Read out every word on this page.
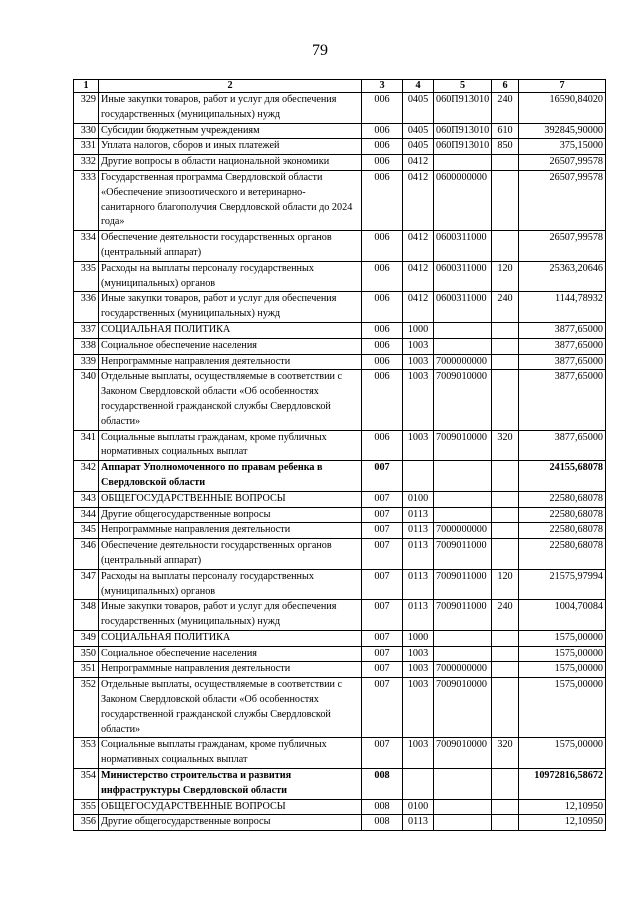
79
1	2	3	4	5	6	7
329	Иные закупки товаров, работ и услуг для обеспечения государственных (муниципальных) нужд	006	0405	060П913010	240	16590,84020
330	Субсидии бюджетным учреждениям	006	0405	060П913010	610	392845,90000
331	Уплата налогов, сборов и иных платежей	006	0405	060П913010	850	375,15000
332	Другие вопросы в области национальной экономики	006	0412			26507,99578
333	Государственная программа Свердловской области «Обеспечение эпизоотического и ветеринарно-санитарного благополучия Свердловской области до 2024 года»	006	0412	0600000000		26507,99578
334	Обеспечение деятельности государственных органов (центральный аппарат)	006	0412	0600311000		26507,99578
335	Расходы на выплаты персоналу государственных (муниципальных) органов	006	0412	0600311000	120	25363,20646
336	Иные закупки товаров, работ и услуг для обеспечения государственных (муниципальных) нужд	006	0412	0600311000	240	1144,78932
337	СОЦИАЛЬНАЯ ПОЛИТИКА	006	1000			3877,65000
338	Социальное обеспечение населения	006	1003			3877,65000
339	Непрограммные направления деятельности	006	1003	7000000000		3877,65000
340	Отдельные выплаты, осуществляемые в соответствии с Законом Свердловской области «Об особенностях государственной гражданской службы Свердловской области»	006	1003	7009010000		3877,65000
341	Социальные выплаты гражданам, кроме публичных нормативных социальных выплат	006	1003	7009010000	320	3877,65000
342	Аппарат Уполномоченного по правам ребенка в Свердловской области	007				24155,68078
343	ОБЩЕГОСУДАРСТВЕННЫЕ ВОПРОСЫ	007	0100			22580,68078
344	Другие общегосударственные вопросы	007	0113			22580,68078
345	Непрограммные направления деятельности	007	0113	7000000000		22580,68078
346	Обеспечение деятельности государственных органов (центральный аппарат)	007	0113	7009011000		22580,68078
347	Расходы на выплаты персоналу государственных (муниципальных) органов	007	0113	7009011000	120	21575,97994
348	Иные закупки товаров, работ и услуг для обеспечения государственных (муниципальных) нужд	007	0113	7009011000	240	1004,70084
349	СОЦИАЛЬНАЯ ПОЛИТИКА	007	1000			1575,00000
350	Социальное обеспечение населения	007	1003			1575,00000
351	Непрограммные направления деятельности	007	1003	7000000000		1575,00000
352	Отдельные выплаты, осуществляемые в соответствии с Законом Свердловской области «Об особенностях государственной гражданской службы Свердловской области»	007	1003	7009010000		1575,00000
353	Социальные выплаты гражданам, кроме публичных нормативных социальных выплат	007	1003	7009010000	320	1575,00000
354	Министерство строительства и развития инфраструктуры Свердловской области	008				10972816,58672
355	ОБЩЕГОСУДАРСТВЕННЫЕ ВОПРОСЫ	008	0100			12,10950
356	Другие общегосударственные вопросы	008	0113			12,10950
